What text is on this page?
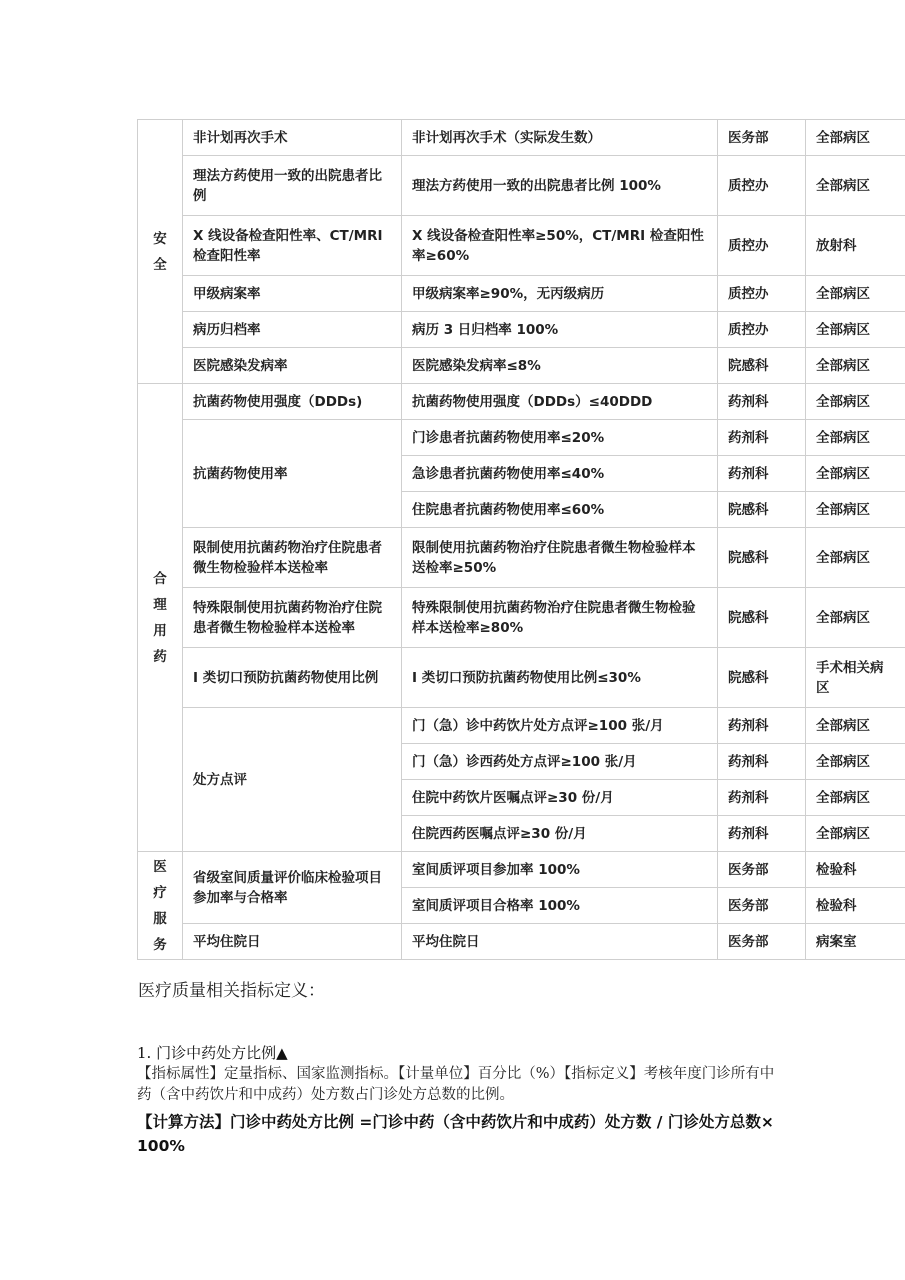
安全	非计划再次手术	非计划再次手术（实际发生数）	医务部	全部病区
	理法方药使用一致的出院患者比例	理法方药使用一致的出院患者比例 100%	质控办	全部病区
	X 线设备检查阳性率、CT/MRI检查阳性率	X 线设备检查阳性率≥50%，CT/MRI 检查阳性率≥60%	质控办	放射科
	甲级病案率	甲级病案率≥90%，无丙级病历	质控办	全部病区
	病历归档率	病历 3 日归档率 100%	质控办	全部病区
	医院感染发病率	医院感染发病率≤8%	院感科	全部病区
合理用药	抗菌药物使用强度（DDDs)	抗菌药物使用强度（DDDs）≤40DDD	药剂科	全部病区
	抗菌药物使用率	门诊患者抗菌药物使用率≤20%	药剂科	全部病区
		急诊患者抗菌药物使用率≤40%	药剂科	全部病区
		住院患者抗菌药物使用率≤60%	院感科	全部病区
	限制使用抗菌药物治疗住院患者微生物检验样本送检率	限制使用抗菌药物治疗住院患者微生物检验样本送检率≥50%	院感科	全部病区
	特殊限制使用抗菌药物治疗住院患者微生物检验样本送检率	特殊限制使用抗菌药物治疗住院患者微生物检验样本送检率≥80%	院感科	全部病区
	Ⅰ 类切口预防抗菌药物使用比例	Ⅰ 类切口预防抗菌药物使用比例≤30%	院感科	手术相关病区
	处方点评	门（急）诊中药饮片处方点评≥100 张/月	药剂科	全部病区
		门（急）诊西药处方点评≥100 张/月	药剂科	全部病区
		住院中药饮片医嘱点评≥30 份/月	药剂科	全部病区
		住院西药医嘱点评≥30 份/月	药剂科	全部病区
医疗服务	省级室间质量评价临床检验项目参加率与合格率	室间质评项目参加率 100%	医务部	检验科
		室间质评项目合格率 100%	医务部	检验科
	平均住院日	平均住院日	医务部	病案室
医疗质量相关指标定义：
1. 门诊中药处方比例▲
【指标属性】定量指标、国家监测指标。【计量单位】百分比（%）【指标定义】考核年度门诊所有中药（含中药饮片和中成药）处方数占门诊处方总数的比例。
【计算方法】门诊中药处方比例 =门诊中药（含中药饮片和中成药）处方数 / 门诊处方总数× 100%
